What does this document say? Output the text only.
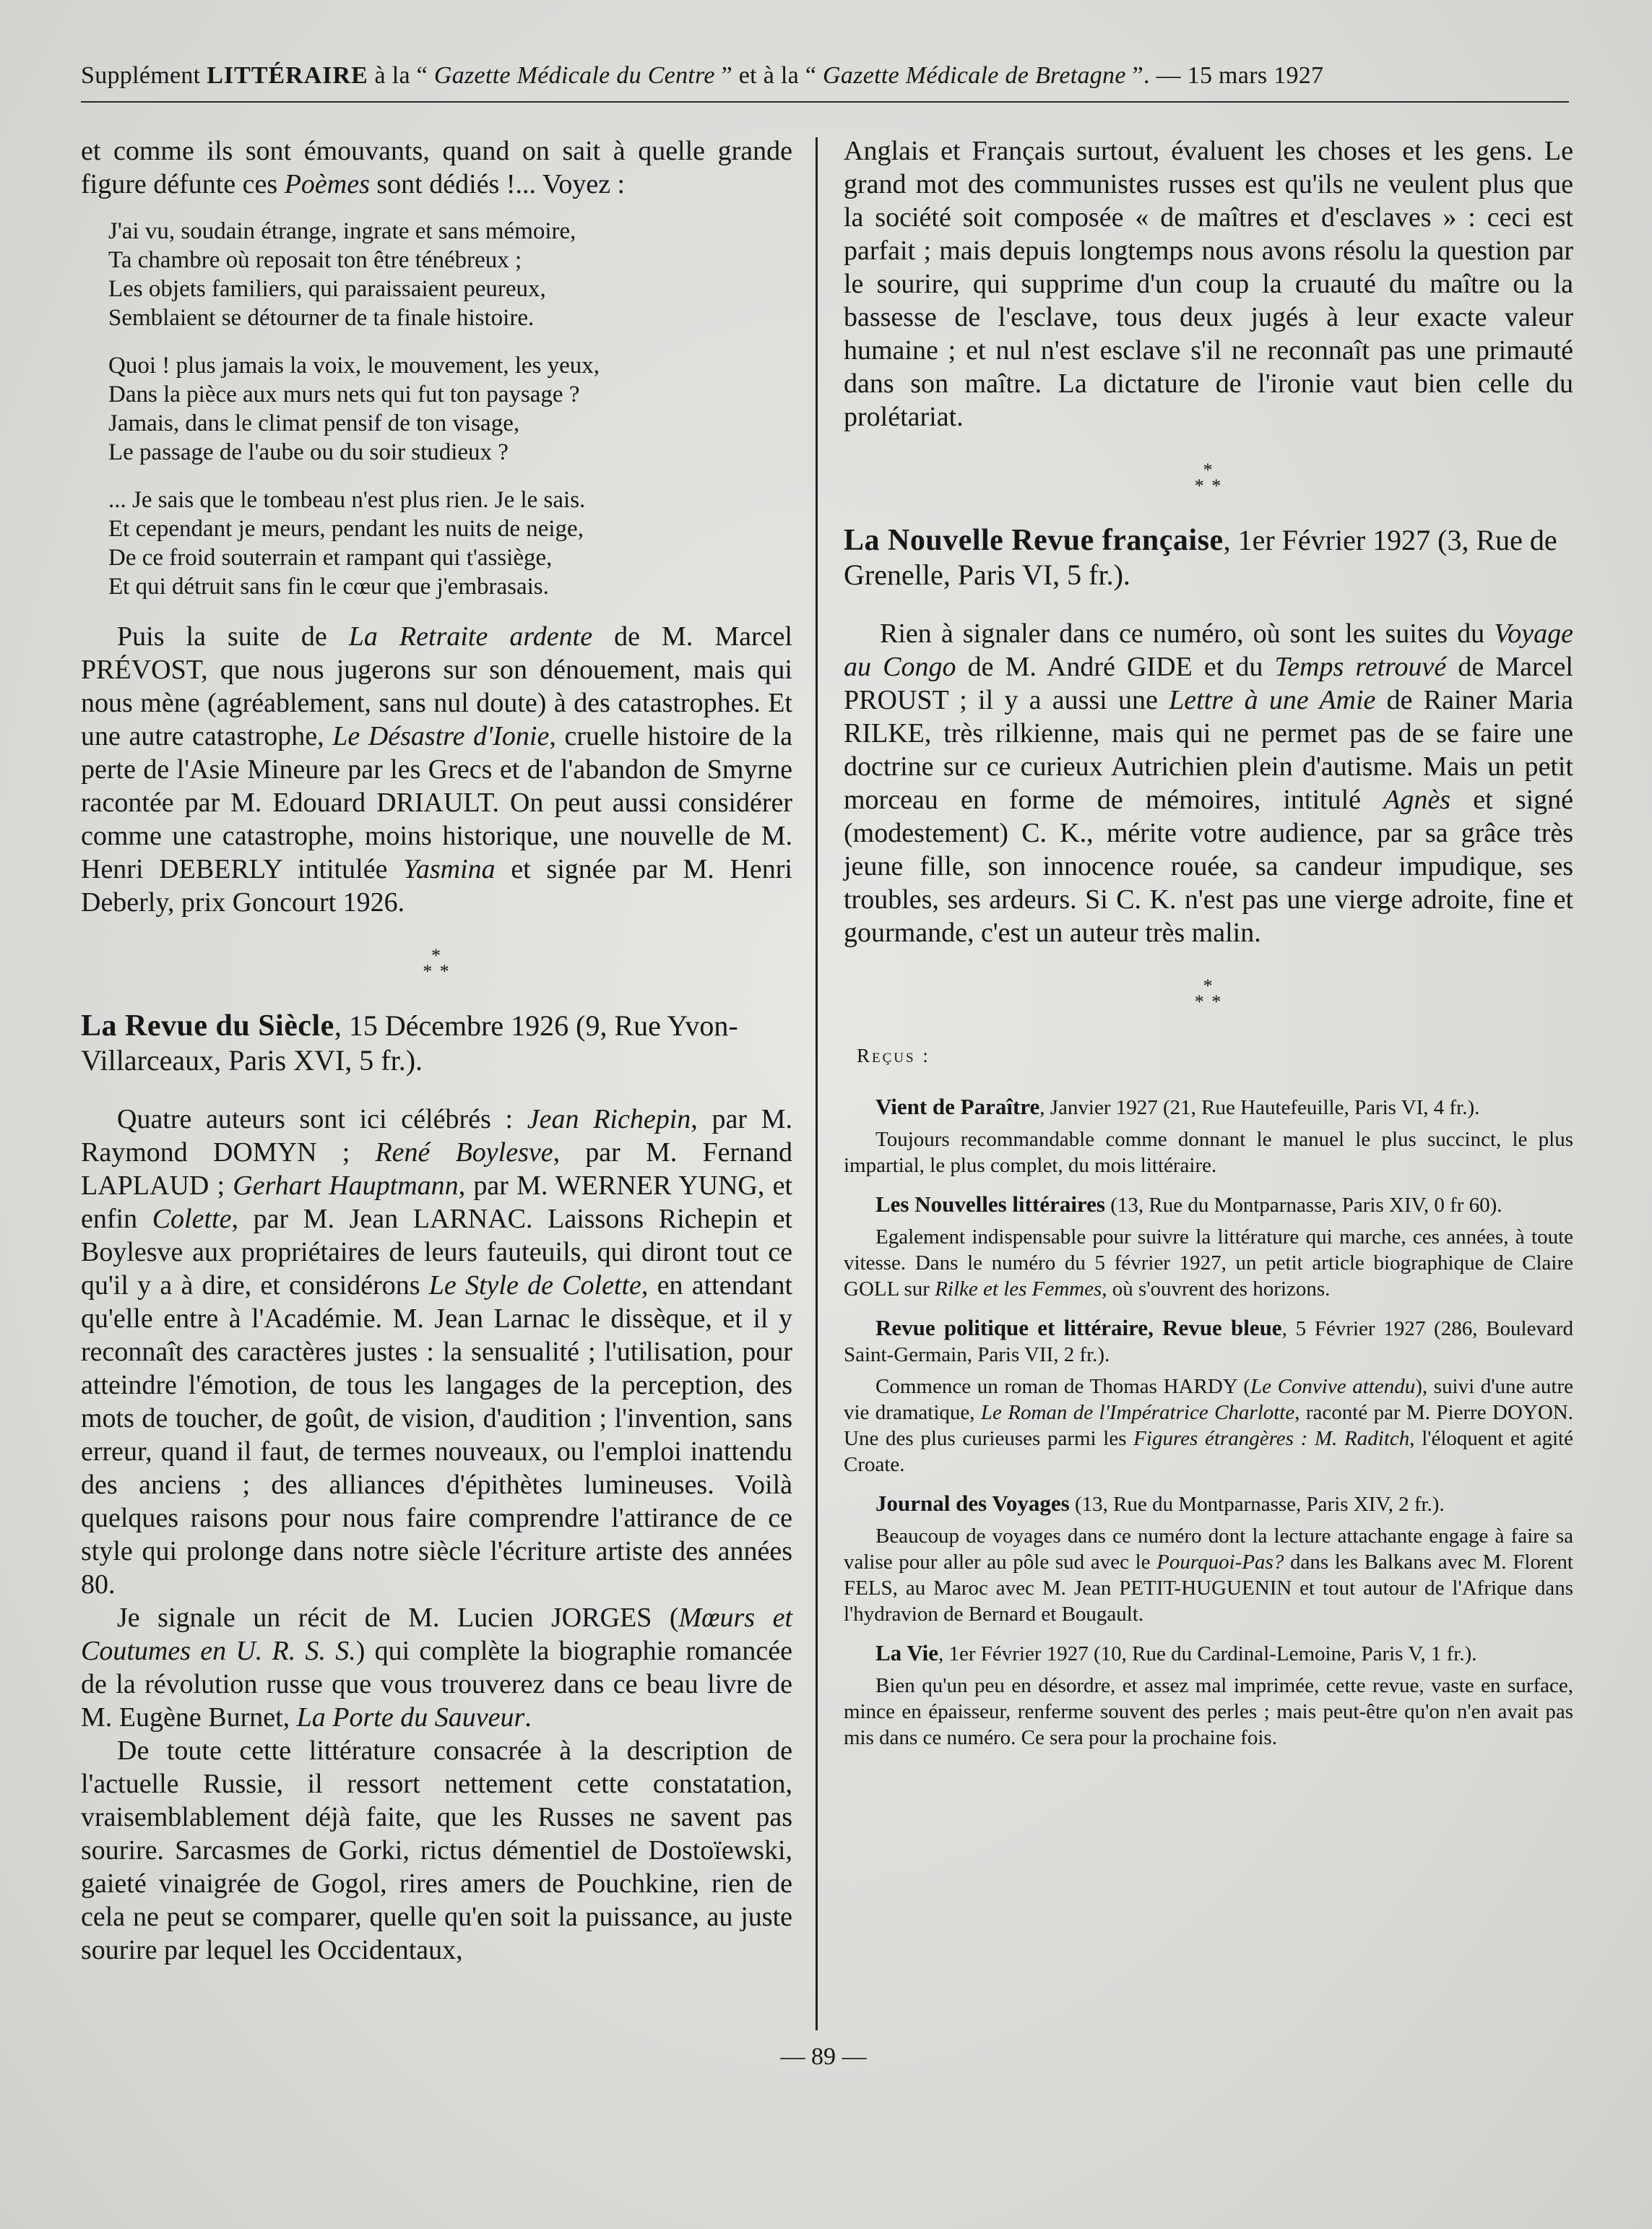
Supplément LITTÉRAIRE à la “ Gazette Médicale du Centre ” et à la “ Gazette Médicale de Bretagne ”. — 15 mars 1927

et comme ils sont émouvants, quand on sait à quelle grande figure défunte ces Poèmes sont dédiés !... Voyez :

J'ai vu, soudain étrange, ingrate et sans mémoire,
Ta chambre où reposait ton être ténébreux ;
Les objets familiers, qui paraissaient peureux,
Semblaient se détourner de ta finale histoire.
Quoi ! plus jamais la voix, le mouvement, les yeux,
Dans la pièce aux murs nets qui fut ton paysage ?
Jamais, dans le climat pensif de ton visage,
Le passage de l'aube ou du soir studieux ?
... Je sais que le tombeau n'est plus rien. Je le sais.
Et cependant je meurs, pendant les nuits de neige,
De ce froid souterrain et rampant qui t'assiège,
Et qui détruit sans fin le cœur que j'embrasais.

Puis la suite de La Retraite ardente de M. Marcel PRÉVOST, que nous jugerons sur son dénouement, mais qui nous mène (agréablement, sans nul doute) à des catastrophes. Et une autre catastrophe, Le Désastre d'Ionie, cruelle histoire de la perte de l'Asie Mineure par les Grecs et de l'abandon de Smyrne racontée par M. Edouard DRIAULT. On peut aussi considérer comme une catastrophe, moins historique, une nouvelle de M. Henri DEBERLY intitulée Yasmina et signée par M. Henri Deberly, prix Goncourt 1926.

*
* *

La Revue du Siècle, 15 Décembre 1926 (9, Rue Yvon-Villarceaux, Paris XVI, 5 fr.).

Quatre auteurs sont ici célébrés : Jean Richepin, par M. Raymond DOMYN ; René Boylesve, par M. Fernand LAPLAUD ; Gerhart Hauptmann, par M. WERNER YUNG, et enfin Colette, par M. Jean LARNAC. Laissons Richepin et Boylesve aux propriétaires de leurs fauteuils, qui diront tout ce qu'il y a à dire, et considérons Le Style de Colette, en attendant qu'elle entre à l'Académie. M. Jean Larnac le dissèque, et il y reconnaît des caractères justes : la sensualité ; l'utilisation, pour atteindre l'émotion, de tous les langages de la perception, des mots de toucher, de goût, de vision, d'audition ; l'invention, sans erreur, quand il faut, de termes nouveaux, ou l'emploi inattendu des anciens ; des alliances d'épithètes lumineuses. Voilà quelques raisons pour nous faire comprendre l'attirance de ce style qui prolonge dans notre siècle l'écriture artiste des années 80.

Je signale un récit de M. Lucien JORGES (Mœurs et Coutumes en U. R. S. S.) qui complète la biographie romancée de la révolution russe que vous trouverez dans ce beau livre de M. Eugène Burnet, La Porte du Sauveur.

De toute cette littérature consacrée à la description de l'actuelle Russie, il ressort nettement cette constatation, vraisemblablement déjà faite, que les Russes ne savent pas sourire. Sarcasmes de Gorki, rictus démentiel de Dostoïewski, gaieté vinaigrée de Gogol, rires amers de Pouchkine, rien de cela ne peut se comparer, quelle qu'en soit la puissance, au juste sourire par lequel les Occidentaux,

Anglais et Français surtout, évaluent les choses et les gens. Le grand mot des communistes russes est qu'ils ne veulent plus que la société soit composée « de maîtres et d'esclaves » : ceci est parfait ; mais depuis longtemps nous avons résolu la question par le sourire, qui supprime d'un coup la cruauté du maître ou la bassesse de l'esclave, tous deux jugés à leur exacte valeur humaine ; et nul n'est esclave s'il ne reconnaît pas une primauté dans son maître. La dictature de l'ironie vaut bien celle du prolétariat.

*
* *

La Nouvelle Revue française, 1er Février 1927 (3, Rue de Grenelle, Paris VI, 5 fr.).

Rien à signaler dans ce numéro, où sont les suites du Voyage au Congo de M. André GIDE et du Temps retrouvé de Marcel PROUST ; il y a aussi une Lettre à une Amie de Rainer Maria RILKE, très rilkienne, mais qui ne permet pas de se faire une doctrine sur ce curieux Autrichien plein d'autisme. Mais un petit morceau en forme de mémoires, intitulé Agnès et signé (modestement) C. K., mérite votre audience, par sa grâce très jeune fille, son innocence rouée, sa candeur impudique, ses troubles, ses ardeurs. Si C. K. n'est pas une vierge adroite, fine et gourmande, c'est un auteur très malin.

*
* *
Reçus :

Vient de Paraître, Janvier 1927 (21, Rue Hautefeuille, Paris VI, 4 fr.).

Toujours recommandable comme donnant le manuel le plus succinct, le plus impartial, le plus complet, du mois littéraire.

Les Nouvelles littéraires (13, Rue du Montparnasse, Paris XIV, 0 fr 60).

Egalement indispensable pour suivre la littérature qui marche, ces années, à toute vitesse. Dans le numéro du 5 février 1927, un petit article biographique de Claire GOLL sur Rilke et les Femmes, où s'ouvrent des horizons.

Revue politique et littéraire, Revue bleue, 5 Février 1927 (286, Boulevard Saint-Germain, Paris VII, 2 fr.).

Commence un roman de Thomas HARDY (Le Convive attendu), suivi d'une autre vie dramatique, Le Roman de l'Impératrice Charlotte, raconté par M. Pierre DOYON. Une des plus curieuses parmi les Figures étrangères : M. Raditch, l'éloquent et agité Croate.

Journal des Voyages (13, Rue du Montparnasse, Paris XIV, 2 fr.).

Beaucoup de voyages dans ce numéro dont la lecture attachante engage à faire sa valise pour aller au pôle sud avec le Pourquoi-Pas? dans les Balkans avec M. Florent FELS, au Maroc avec M. Jean PETIT-HUGUENIN et tout autour de l'Afrique dans l'hydravion de Bernard et Bougault.

La Vie, 1er Février 1927 (10, Rue du Cardinal-Lemoine, Paris V, 1 fr.).

Bien qu'un peu en désordre, et assez mal imprimée, cette revue, vaste en surface, mince en épaisseur, renferme souvent des perles ; mais peut-être qu'on n'en avait pas mis dans ce numéro. Ce sera pour la prochaine fois.

— 89 —
